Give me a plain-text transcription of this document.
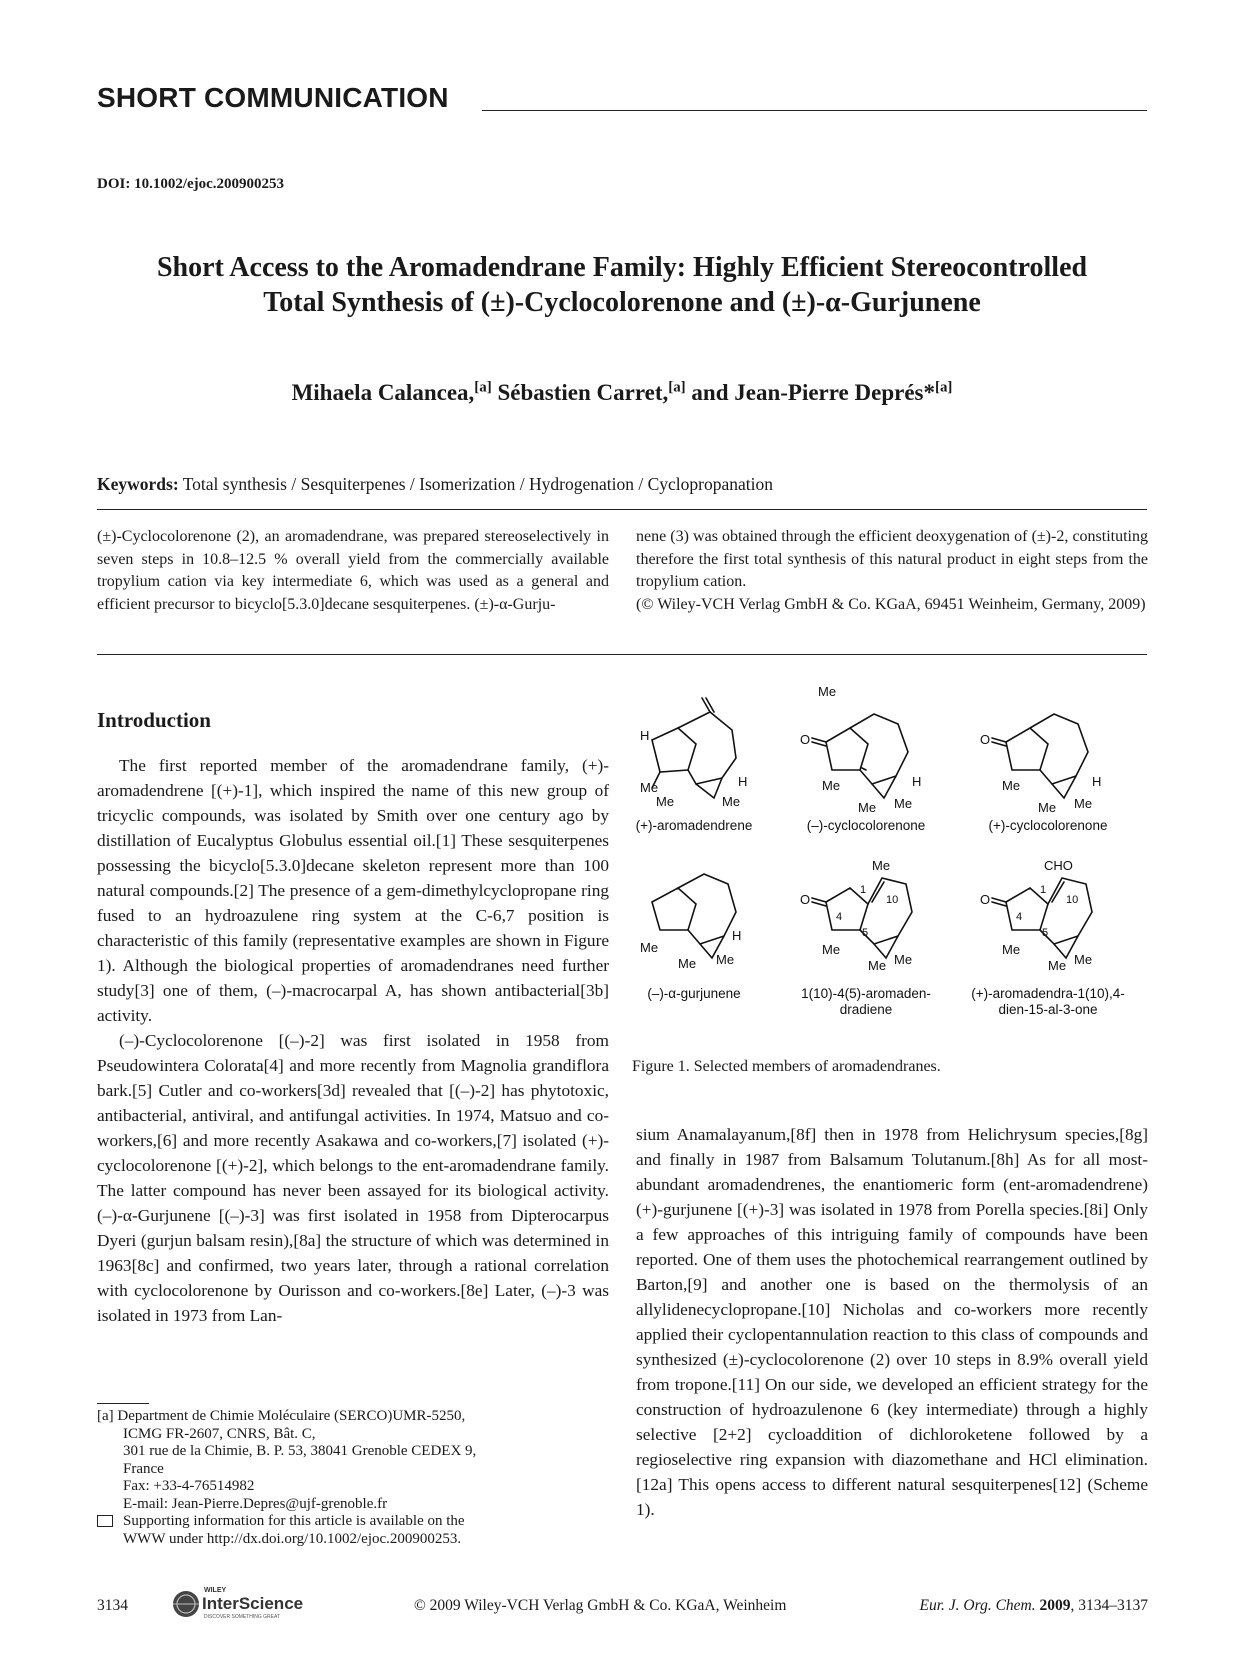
SHORT COMMUNICATION
DOI: 10.1002/ejoc.200900253
Short Access to the Aromadendrane Family: Highly Efficient Stereocontrolled
Total Synthesis of (±)-Cyclocolorenone and (±)-α-Gurjunene
Mihaela Calancea,[a] Sébastien Carret,[a] and Jean-Pierre Deprés*[a]
Keywords: Total synthesis / Sesquiterpenes / Isomerization / Hydrogenation / Cyclopropanation
(±)-Cyclocolorenone (2), an aromadendrane, was prepared stereoselectively in seven steps in 10.8–12.5 % overall yield from the commercially available tropylium cation via key intermediate 6, which was used as a general and efficient precursor to bicyclo[5.3.0]decane sesquiterpenes. (±)-α-Gurju-
nene (3) was obtained through the efficient deoxygenation of (±)-2, constituting therefore the first total synthesis of this natural product in eight steps from the tropylium cation.
(© Wiley-VCH Verlag GmbH & Co. KGaA, 69451 Weinheim, Germany, 2009)
Introduction

The first reported member of the aromadendrane family, (+)-aromadendrene [(+)-1], which inspired the name of this new group of tricyclic compounds, was isolated by Smith over one century ago by distillation of Eucalyptus Globulus essential oil.[1] These sesquiterpenes possessing the bicyclo[5.3.0]decane skeleton represent more than 100 natural compounds.[2] The presence of a gem-dimethylcyclopropane ring fused to an hydroazulene ring system at the C-6,7 position is characteristic of this family (representative examples are shown in Figure 1). Although the biological properties of aromadendranes need further study[3] one of them, (–)-macrocarpal A, has shown antibacterial[3b] activity.

(–)-Cyclocolorenone [(–)-2] was first isolated in 1958 from Pseudowintera Colorata[4] and more recently from Magnolia grandiflora bark.[5] Cutler and co-workers[3d] revealed that [(–)-2] has phytotoxic, antibacterial, antiviral, and antifungal activities. In 1974, Matsuo and co-workers,[6] and more recently Asakawa and co-workers,[7] isolated (+)-cyclocolorenone [(+)-2], which belongs to the ent-aromadendrane family. The latter compound has never been assayed for its biological activity. (–)-α-Gurjunene [(–)-3] was first isolated in 1958 from Dipterocarpus Dyeri (gurjun balsam resin),[8a] the structure of which was determined in 1963[8c] and confirmed, two years later, through a rational correlation with cyclocolorenone by Ourisson and co-workers.[8e] Later, (–)-3 was isolated in 1973 from Lan-

H
Me
Me	Me
H
Me
O
Me
Me Me
H
O
Me
Me Me
H
Me
Me Me
H
O
Me
1
10
4
5
Me
Me Me
O
CHO
1
10
4
5
Me
Me Me
(+)-aromadendrene	(–)-cyclocolorenone	(+)-cyclocolorenone
(–)-α-gurjunene	1(10)-4(5)-aromaden-
dradiene
(+)-aromadendra-1(10),4-
dien-15-al-3-one
Figure 1. Selected members of aromadendranes.

sium Anamalayanum,[8f] then in 1978 from Helichrysum species,[8g] and finally in 1987 from Balsamum Tolutanum.[8h] As for all most-abundant aromadendrenes, the enantiomeric form (ent-aromadendrene) (+)-gurjunene [(+)-3] was isolated in 1978 from Porella species.[8i] Only a few approaches of this intriguing family of compounds have been reported. One of them uses the photochemical rearrangement outlined by Barton,[9] and another one is based on the thermolysis of an allylidenecyclopropane.[10] Nicholas and co-workers more recently applied their cyclopentannulation reaction to this class of compounds and synthesized (±)-cyclocolorenone (2) over 10 steps in 8.9% overall yield from tropone.[11] On our side, we developed an efficient strategy for the construction of hydroazulenone 6 (key intermediate) through a highly selective [2+2] cycloaddition of dichloroketene followed by a regioselective ring expansion with diazomethane and HCl elimination.[12a] This opens access to different natural sesquiterpenes[12] (Scheme 1).

[a] Department de Chimie Moléculaire (SERCO)UMR-5250,
ICMG FR-2607, CNRS, Bât. C,
301 rue de la Chimie, B. P. 53, 38041 Grenoble CEDEX 9,
France
Fax: +33-4-76514982
E-mail: Jean-Pierre.Depres@ujf-grenoble.fr
Supporting information for this article is available on the
WWW under http://dx.doi.org/10.1002/ejoc.200900253.
3134
WILEY
InterScience
DISCOVER SOMETHING GREAT
© 2009 Wiley-VCH Verlag GmbH & Co. KGaA, Weinheim	Eur. J. Org. Chem. 2009, 3134–3137
